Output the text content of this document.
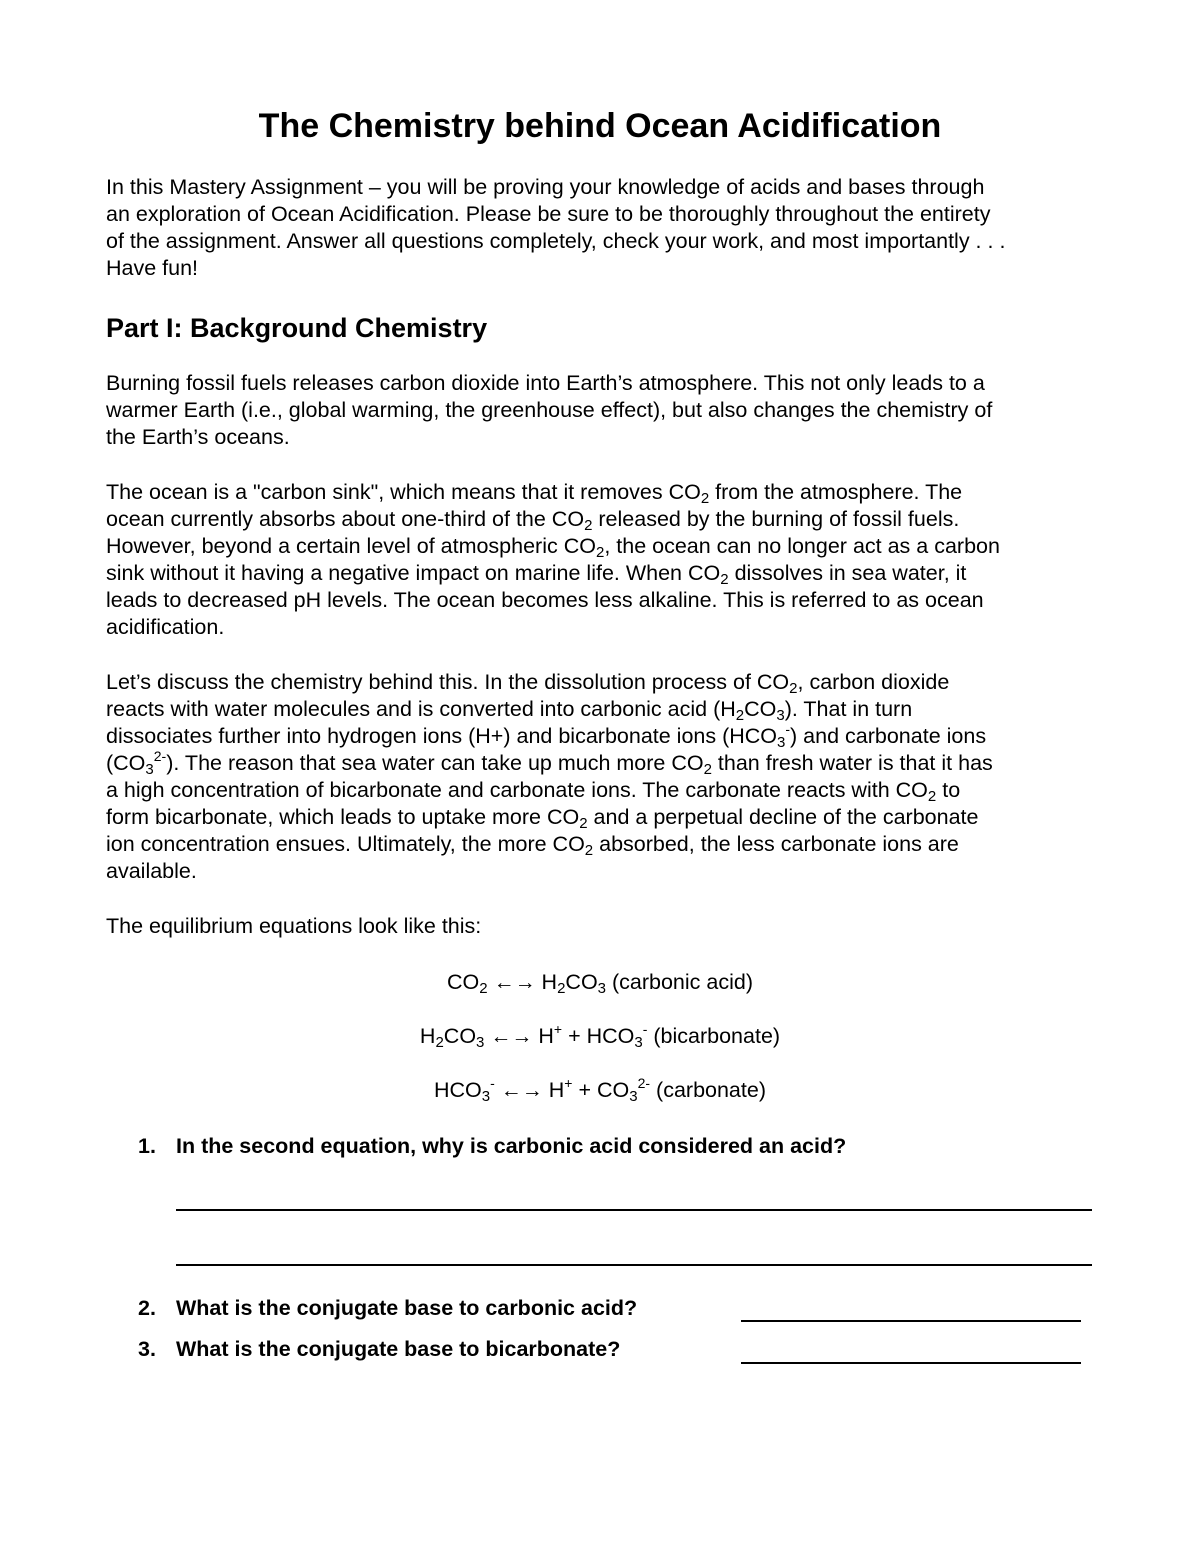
The Chemistry behind Ocean Acidification

In this Mastery Assignment – you will be proving your knowledge of acids and bases through
an exploration of Ocean Acidification. Please be sure to be thoroughly throughout the entirety
of the assignment. Answer all questions completely, check your work, and most importantly . . .
Have fun!

Part I: Background Chemistry

Burning fossil fuels releases carbon dioxide into Earth’s atmosphere. This not only leads to a
warmer Earth (i.e., global warming, the greenhouse effect), but also changes the chemistry of
the Earth’s oceans.

The ocean is a "carbon sink", which means that it removes $CO_2$ from the atmosphere. The
ocean currently absorbs about one-third of the $CO_2$ released by the burning of fossil fuels.
However, beyond a certain level of atmospheric $CO_2$, the ocean can no longer act as a carbon
sink without it having a negative impact on marine life. When $CO_2$ dissolves in sea water, it
leads to decreased pH levels. The ocean becomes less alkaline. This is referred to as ocean
acidification.

Let’s discuss the chemistry behind this. In the dissolution process of $CO_2$, carbon dioxide
reacts with water molecules and is converted into carbonic acid $(H_2CO_3)$. That in turn
dissociates further into hydrogen ions (H+) and bicarbonate ions $(HCO_3^-)$ and carbonate ions
$(CO_3^{2-})$. The reason that sea water can take up much more $CO_2$ than fresh water is that it has
a high concentration of bicarbonate and carbonate ions. The carbonate reacts with $CO_2$ to
form bicarbonate, which leads to uptake more $CO_2$ and a perpetual decline of the carbonate
ion concentration ensues. Ultimately, the more $CO_2$ absorbed, the less carbonate ions are
available.

The equilibrium equations look like this:

$CO_2$ ←→ $H_2CO_3$ (carbonic acid)
$H_2CO_3$ ←→ $H^+ + HCO_3^-$ (bicarbonate)
$HCO_3^-$ ←→ $H^+ + CO_3^{2-}$ (carbonate)
1. In the second equation, why is carbonic acid considered an acid?
2. What is the conjugate base to carbonic acid?
3. What is the conjugate base to bicarbonate?
